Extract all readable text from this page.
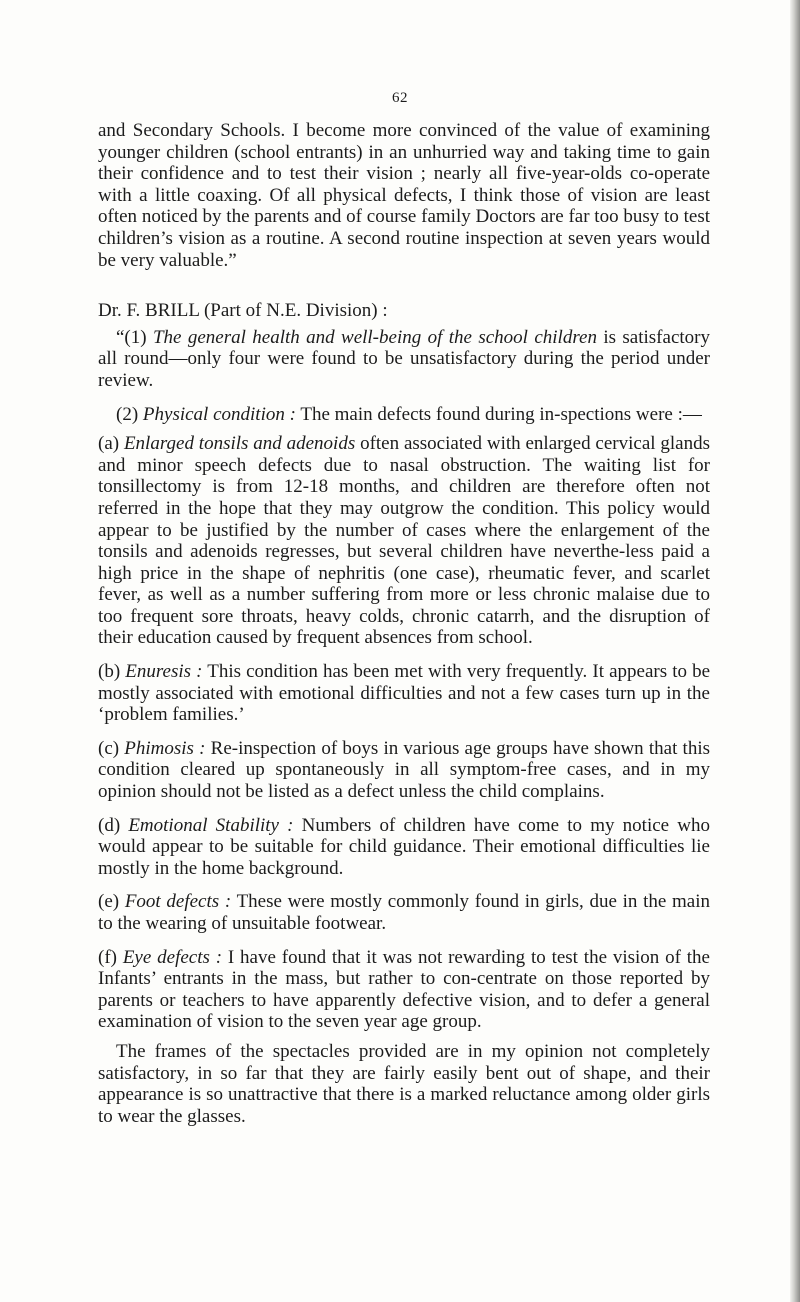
62

and Secondary Schools. I become more convinced of the value of examining younger children (school entrants) in an unhurried way and taking time to gain their confidence and to test their vision ; nearly all five-year-olds co-operate with a little coaxing. Of all physical defects, I think those of vision are least often noticed by the parents and of course family Doctors are far too busy to test children’s vision as a routine. A second routine inspection at seven years would be very valuable.”

Dr. F. BRILL (Part of N.E. Division) :

“(1) The general health and well-being of the school children is satisfactory all round—only four were found to be unsatisfactory during the period under review.

(2) Physical condition : The main defects found during in-spections were :—

(a) Enlarged tonsils and adenoids often associated with enlarged cervical glands and minor speech defects due to nasal obstruction. The waiting list for tonsillectomy is from 12-18 months, and children are therefore often not referred in the hope that they may outgrow the condition. This policy would appear to be justified by the number of cases where the enlargement of the tonsils and adenoids regresses, but several children have neverthe-less paid a high price in the shape of nephritis (one case), rheumatic fever, and scarlet fever, as well as a number suffering from more or less chronic malaise due to too frequent sore throats, heavy colds, chronic catarrh, and the disruption of their education caused by frequent absences from school.

(b) Enuresis : This condition has been met with very frequently. It appears to be mostly associated with emotional difficulties and not a few cases turn up in the ‘problem families.’

(c) Phimosis : Re-inspection of boys in various age groups have shown that this condition cleared up spontaneously in all symptom-free cases, and in my opinion should not be listed as a defect unless the child complains.

(d) Emotional Stability : Numbers of children have come to my notice who would appear to be suitable for child guidance. Their emotional difficulties lie mostly in the home background.

(e) Foot defects : These were mostly commonly found in girls, due in the main to the wearing of unsuitable footwear.

(f) Eye defects : I have found that it was not rewarding to test the vision of the Infants’ entrants in the mass, but rather to con-centrate on those reported by parents or teachers to have apparently defective vision, and to defer a general examination of vision to the seven year age group.

The frames of the spectacles provided are in my opinion not completely satisfactory, in so far that they are fairly easily bent out of shape, and their appearance is so unattractive that there is a marked reluctance among older girls to wear the glasses.
